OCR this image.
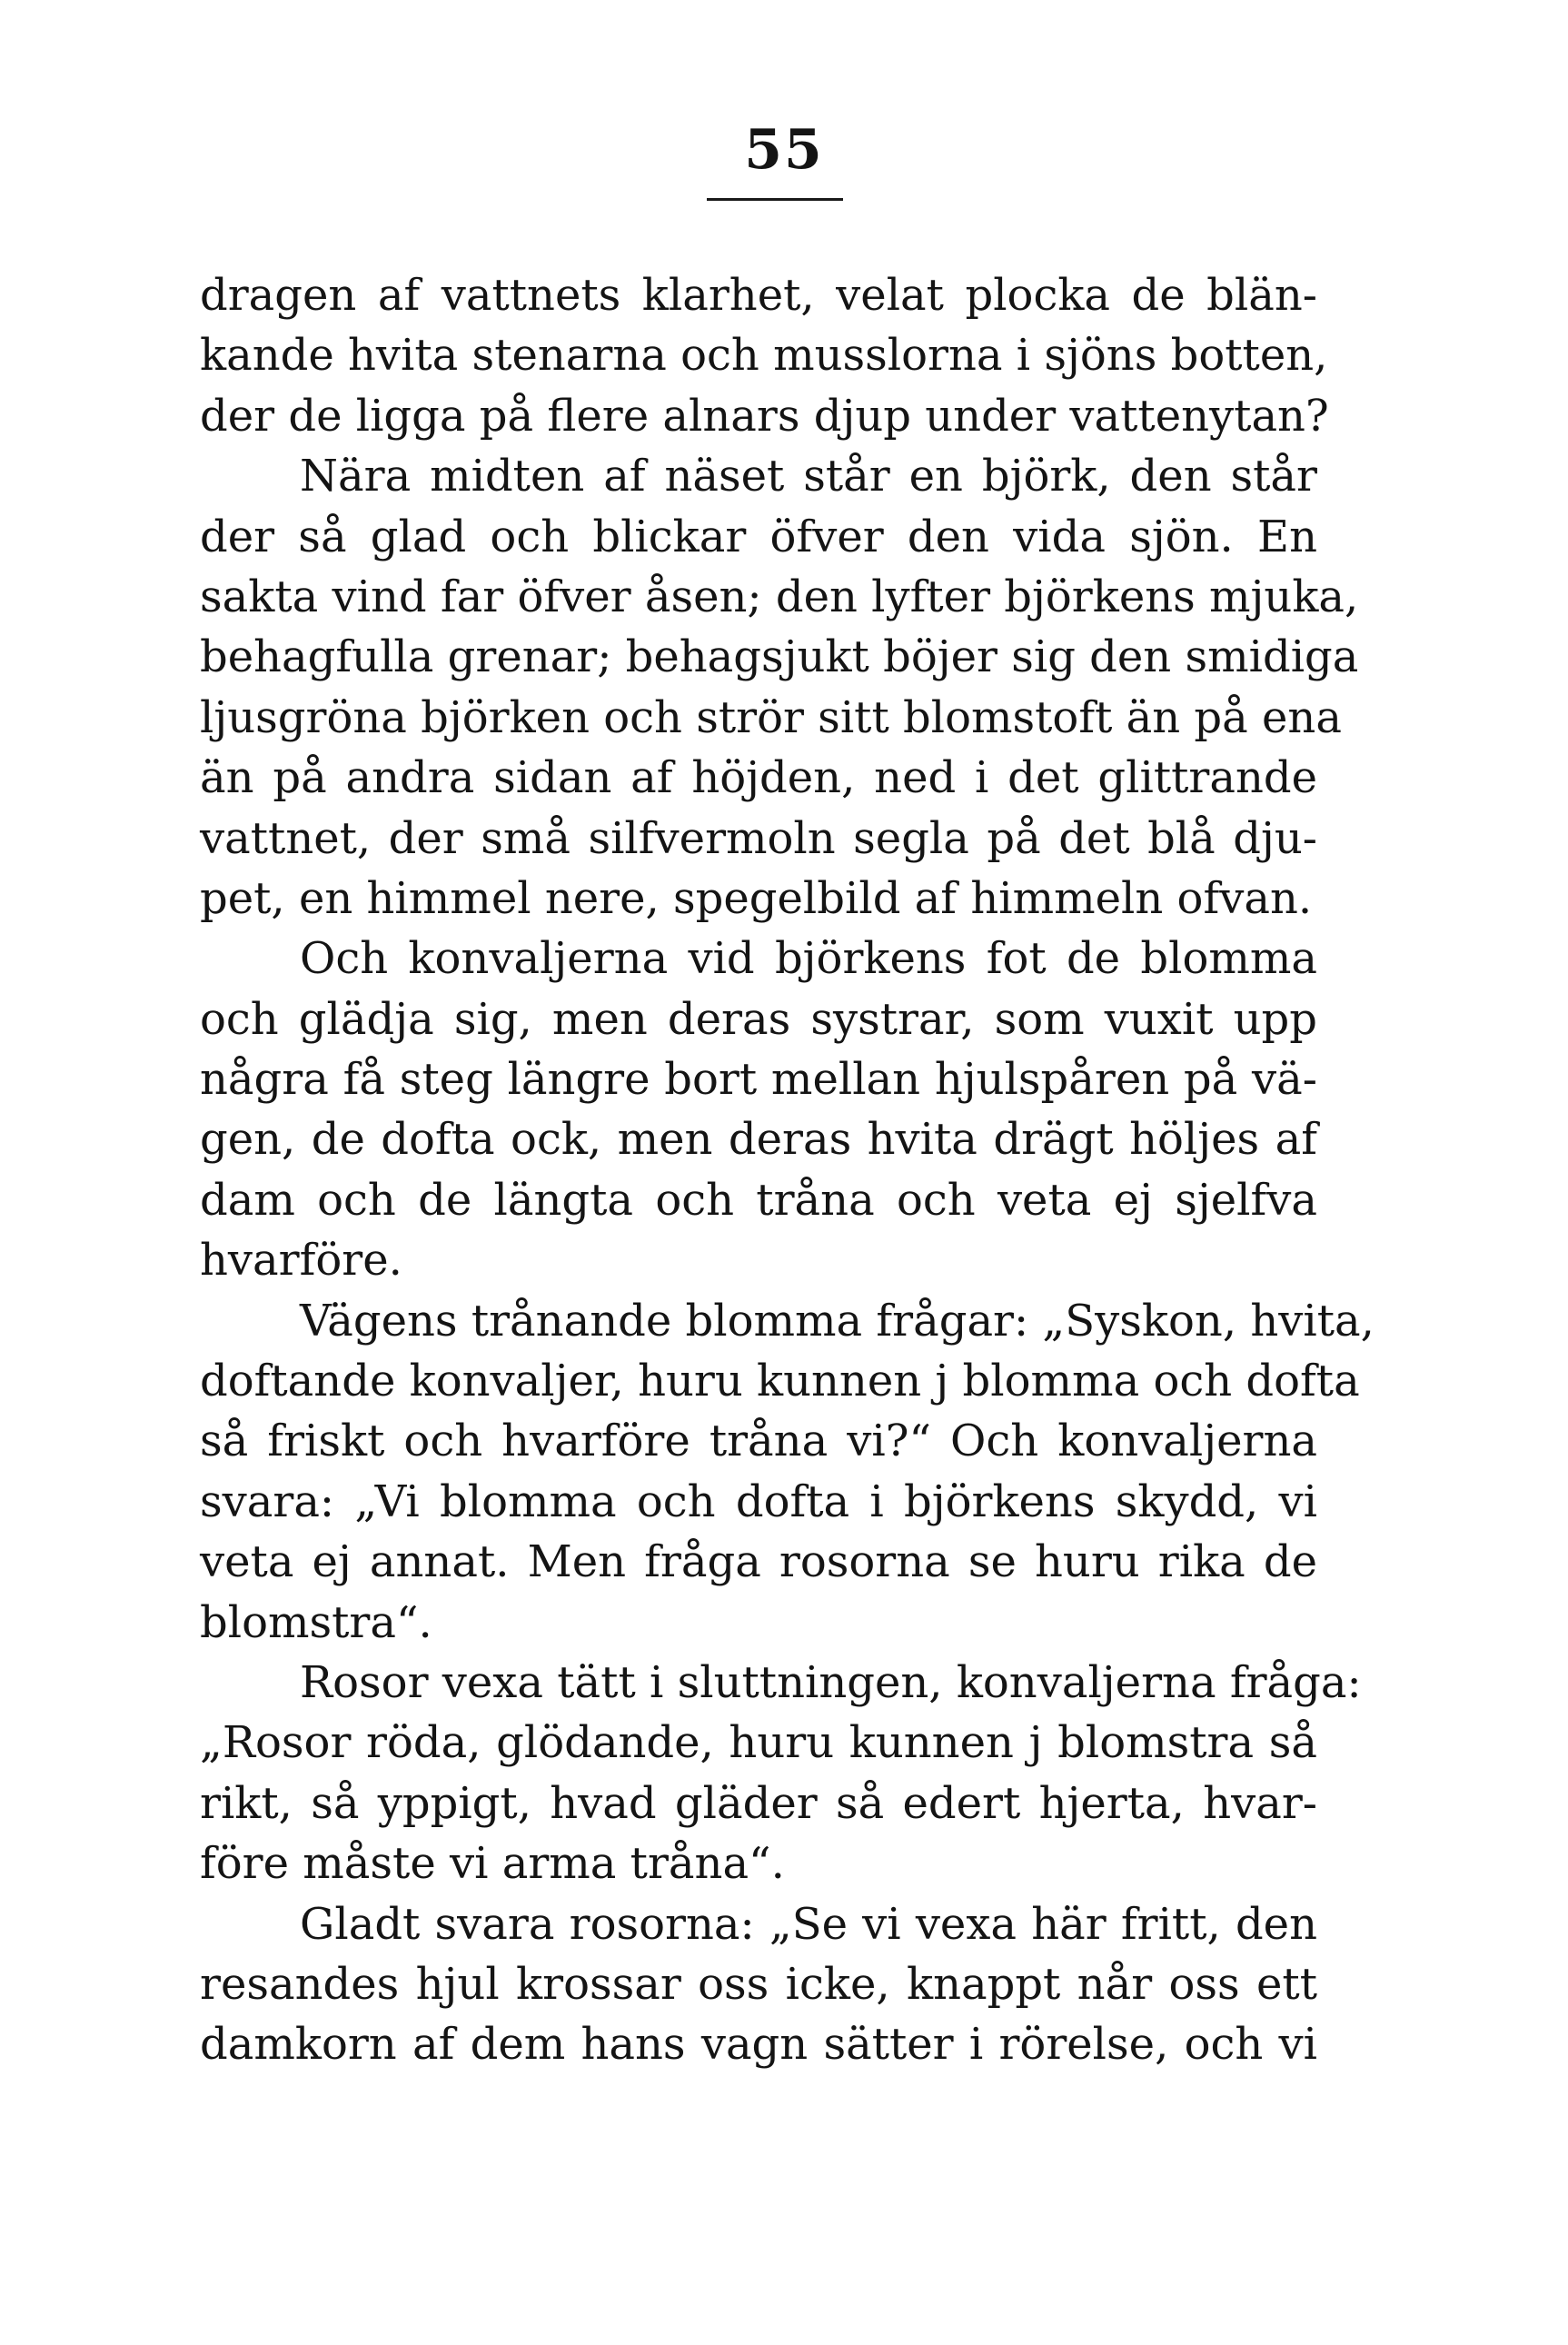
55
dragen af vattnets klarhet, velat plocka de blän-
kande hvita stenarna och musslorna i sjöns botten,
der de ligga på flere alnars djup under vattenytan?
Nära midten af näset står en björk, den står
der så glad och blickar öfver den vida sjön. En
sakta vind far öfver åsen; den lyfter björkens mjuka,
behagfulla grenar; behagsjukt böjer sig den smidiga
ljusgröna björken och strör sitt blomstoft än på ena
än på andra sidan af höjden, ned i det glittrande
vattnet, der små silfvermoln segla på det blå dju-
pet, en himmel nere, spegelbild af himmeln ofvan.
Och konvaljerna vid björkens fot de blomma
och glädja sig, men deras systrar, som vuxit upp
några få steg längre bort mellan hjulspåren på vä-
gen, de dofta ock, men deras hvita drägt höljes af
dam och de längta och tråna och veta ej sjelfva
hvarföre.
Vägens trånande blomma frågar: „Syskon, hvita,
doftande konvaljer, huru kunnen j blomma och dofta
så friskt och hvarföre tråna vi?“ Och konvaljerna
svara: „Vi blomma och dofta i björkens skydd, vi
veta ej annat. Men fråga rosorna se huru rika de
blomstra“.
Rosor vexa tätt i sluttningen, konvaljerna fråga:
„Rosor röda, glödande, huru kunnen j blomstra så
rikt, så yppigt, hvad gläder så edert hjerta, hvar-
före måste vi arma tråna“.
Gladt svara rosorna: „Se vi vexa här fritt, den
resandes hjul krossar oss icke, knappt når oss ett
damkorn af dem hans vagn sätter i rörelse, och vi
